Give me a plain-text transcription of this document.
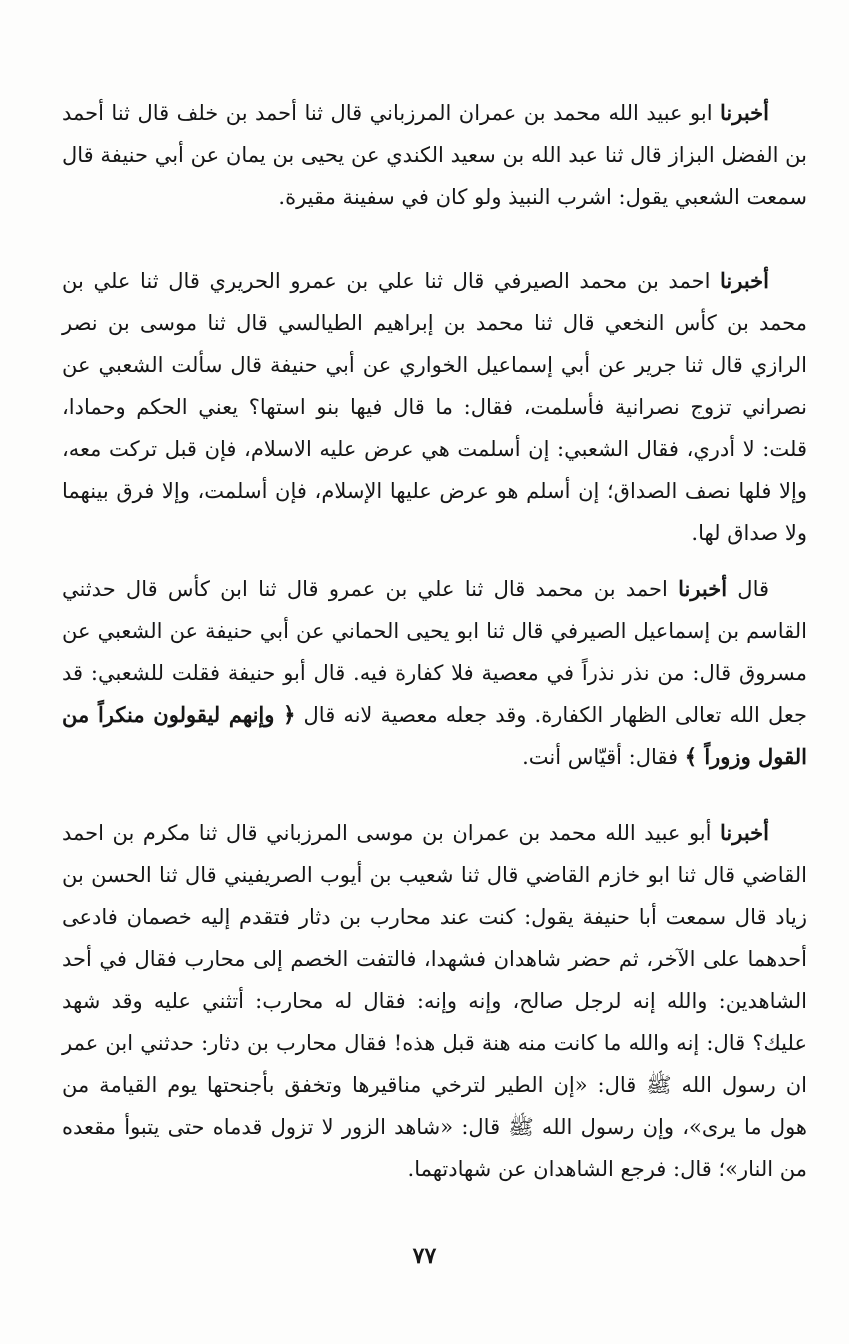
أخبرنا ابو عبيد الله محمد بن عمران المرزباني قال ثنا أحمد بن خلف قال ثنا أحمد بن الفضل البزاز قال ثنا عبد الله بن سعيد الكندي عن يحيى بن يمان عن أبي حنيفة قال سمعت الشعبي يقول: اشرب النبيذ ولو كان في سفينة مقيرة.

أخبرنا احمد بن محمد الصيرفي قال ثنا علي بن عمرو الحريري قال ثنا علي بن محمد بن كأس النخعي قال ثنا محمد بن إبراهيم الطيالسي قال ثنا موسى بن نصر الرازي قال ثنا جرير عن أبي إسماعيل الخواري عن أبي حنيفة قال سألت الشعبي عن نصراني تزوج نصرانية فأسلمت، فقال: ما قال فيها بنو استها؟ يعني الحكم وحمادا، قلت: لا أدري، فقال الشعبي: إن أسلمت هي عرض عليه الاسلام، فإن قبل تركت معه، وإلا فلها نصف الصداق؛ إن أسلم هو عرض عليها الإسلام، فإن أسلمت، وإلا فرق بينهما ولا صداق لها.

قال أخبرنا احمد بن محمد قال ثنا علي بن عمرو قال ثنا ابن كأس قال حدثني القاسم بن إسماعيل الصيرفي قال ثنا ابو يحيى الحماني عن أبي حنيفة عن الشعبي عن مسروق قال: من نذر نذراً في معصية فلا كفارة فيه. قال أبو حنيفة فقلت للشعبي: قد جعل الله تعالى الظهار الكفارة. وقد جعله معصية لانه قال ﴿ وإنهم ليقولون منكراً من القول وزوراً ﴾ فقال: أقيّاس أنت.

أخبرنا أبو عبيد الله محمد بن عمران بن موسى المرزباني قال ثنا مكرم بن احمد القاضي قال ثنا ابو خازم القاضي قال ثنا شعيب بن أيوب الصريفيني قال ثنا الحسن بن زياد قال سمعت أبا حنيفة يقول: كنت عند محارب بن دثار فتقدم إليه خصمان فادعى أحدهما على الآخر، ثم حضر شاهدان فشهدا، فالتفت الخصم إلى محارب فقال في أحد الشاهدين: والله إنه لرجل صالح، وإنه وإنه: فقال له محارب: أتثني عليه وقد شهد عليك؟ قال: إنه والله ما كانت منه هنة قبل هذه! فقال محارب بن دثار: حدثني ابن عمر ان رسول الله ﷺ قال: «إن الطير لترخي مناقيرها وتخفق بأجنحتها يوم القيامة من هول ما يرى»، وإن رسول الله ﷺ قال: «شاهد الزور لا تزول قدماه حتى يتبوأ مقعده من النار»؛ قال: فرجع الشاهدان عن شهادتهما.

٧٧
